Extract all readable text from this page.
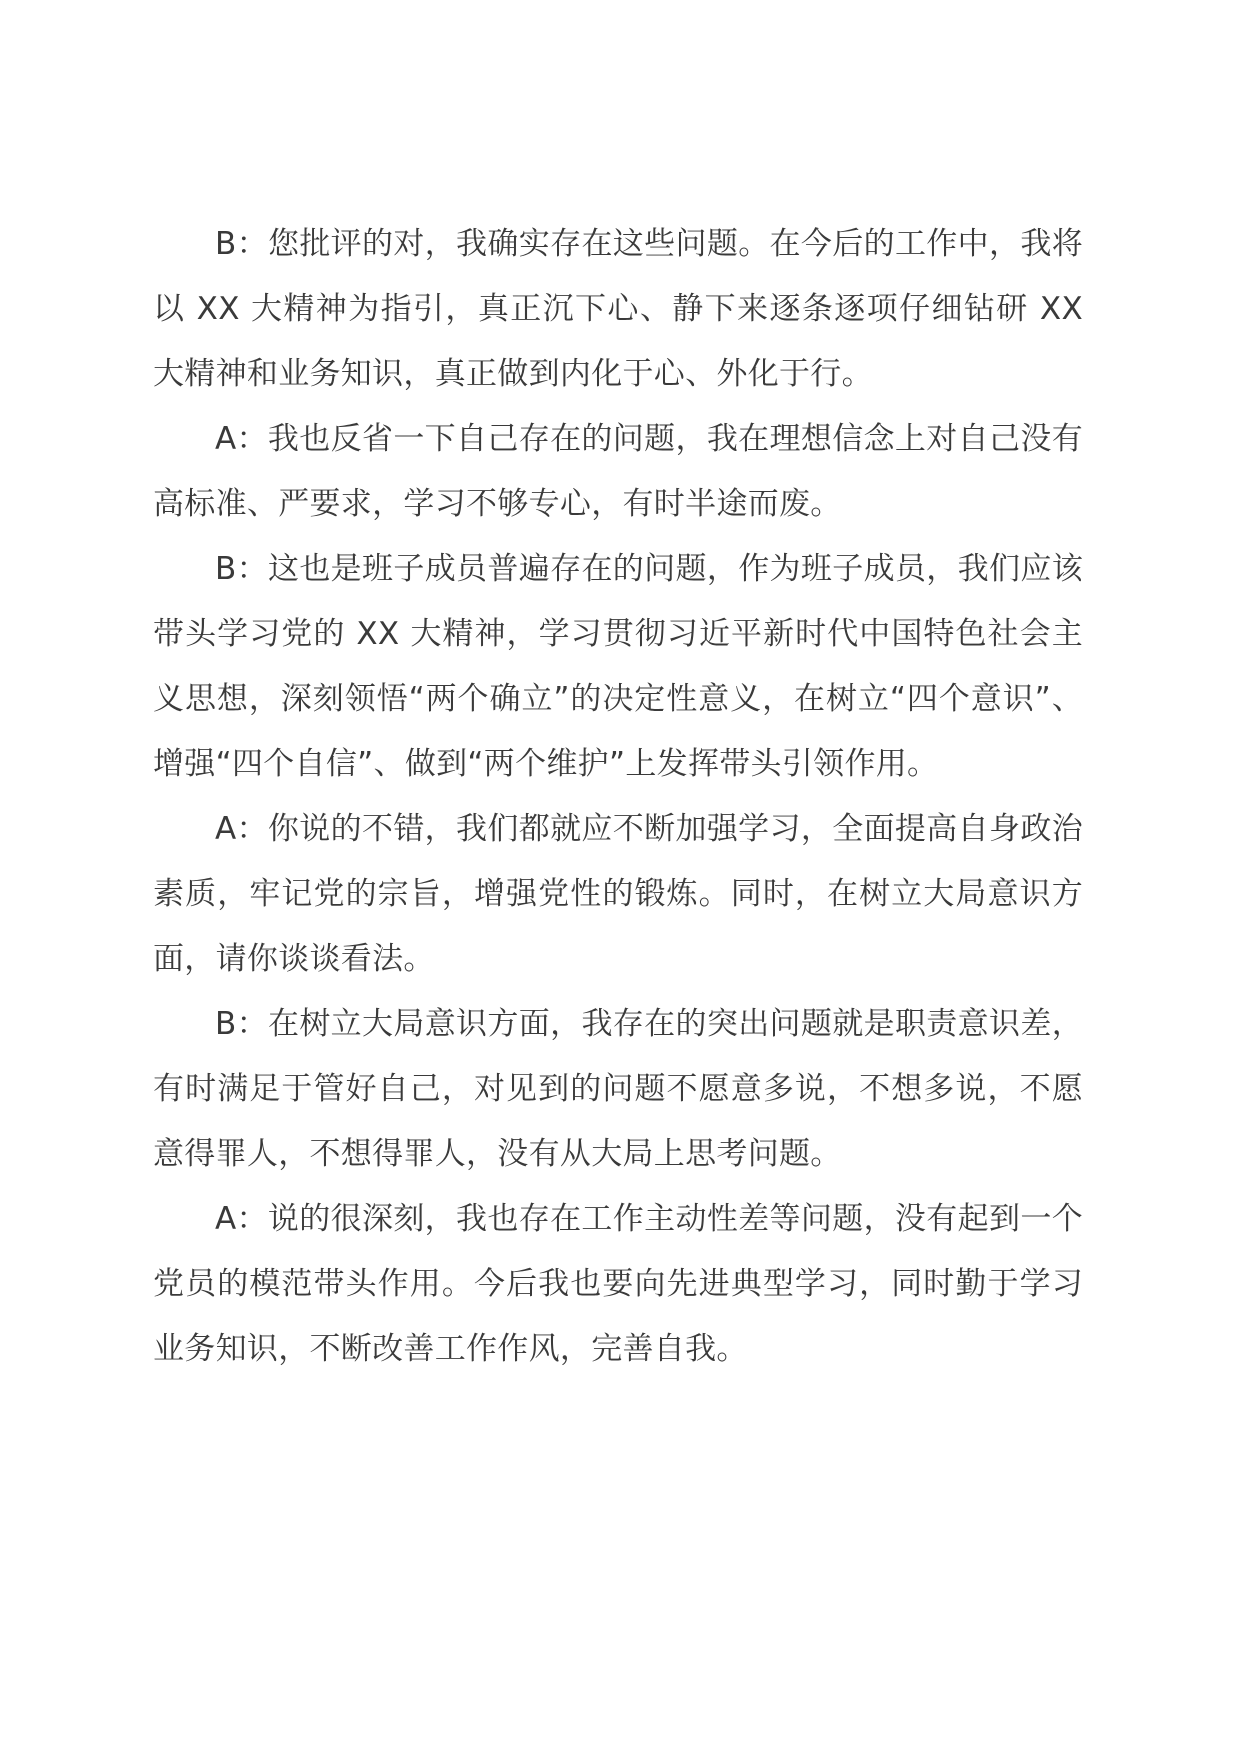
B：您批评的对，我确实存在这些问题。在今后的工作中，我将以 XX 大精神为指引，真正沉下心、静下来逐条逐项仔细钻研 XX 大精神和业务知识，真正做到内化于心、外化于行。

A：我也反省一下自己存在的问题，我在理想信念上对自己没有高标准、严要求，学习不够专心，有时半途而废。

B：这也是班子成员普遍存在的问题，作为班子成员，我们应该带头学习党的 XX 大精神，学习贯彻习近平新时代中国特色社会主义思想，深刻领悟“两个确立”的决定性意义，在树立“四个意识”、增强“四个自信”、做到“两个维护”上发挥带头引领作用。

A：你说的不错，我们都就应不断加强学习，全面提高自身政治素质，牢记党的宗旨，增强党性的锻炼。同时，在树立大局意识方面，请你谈谈看法。

B：在树立大局意识方面，我存在的突出问题就是职责意识差，有时满足于管好自己，对见到的问题不愿意多说，不想多说，不愿意得罪人，不想得罪人，没有从大局上思考问题。

A：说的很深刻，我也存在工作主动性差等问题，没有起到一个党员的模范带头作用。今后我也要向先进典型学习，同时勤于学习业务知识，不断改善工作作风，完善自我。
